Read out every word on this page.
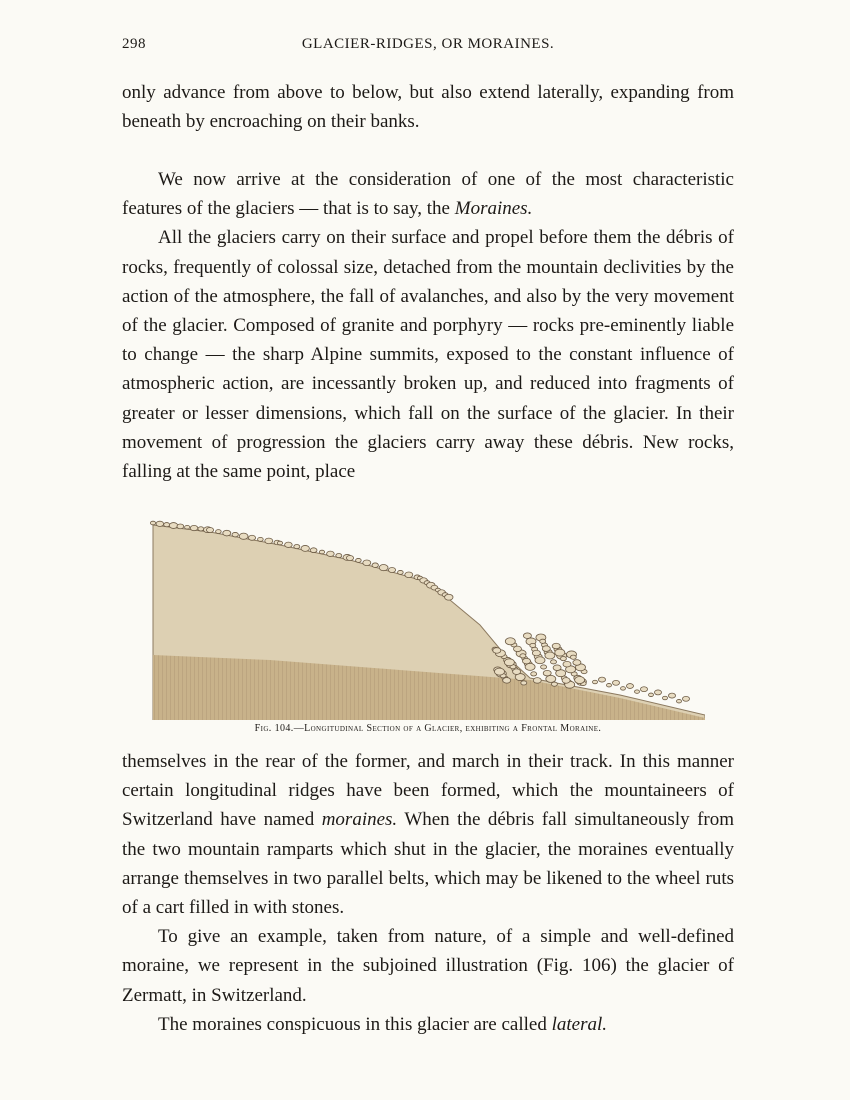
298	GLACIER-RIDGES, OR MORAINES.

only advance from above to below, but also extend laterally, expanding from beneath by encroaching on their banks.

We now arrive at the consideration of one of the most characteristic features of the glaciers — that is to say, the Moraines.

All the glaciers carry on their surface and propel before them the débris of rocks, frequently of colossal size, detached from the mountain declivities by the action of the atmosphere, the fall of avalanches, and also by the very movement of the glacier. Composed of granite and porphyry — rocks pre-eminently liable to change — the sharp Alpine summits, exposed to the constant influence of atmospheric action, are incessantly broken up, and reduced into fragments of greater or lesser dimensions, which fall on the surface of the glacier. In their movement of progression the glaciers carry away these débris. New rocks, falling at the same point, place

Fig. 104.—Longitudinal Section of a Glacier, exhibiting a Frontal Moraine.

themselves in the rear of the former, and march in their track. In this manner certain longitudinal ridges have been formed, which the mountaineers of Switzerland have named moraines. When the débris fall simultaneously from the two mountain ramparts which shut in the glacier, the moraines eventually arrange themselves in two parallel belts, which may be likened to the wheel ruts of a cart filled in with stones.

To give an example, taken from nature, of a simple and well-defined moraine, we represent in the subjoined illustration (Fig. 106) the glacier of Zermatt, in Switzerland.

The moraines conspicuous in this glacier are called lateral.
